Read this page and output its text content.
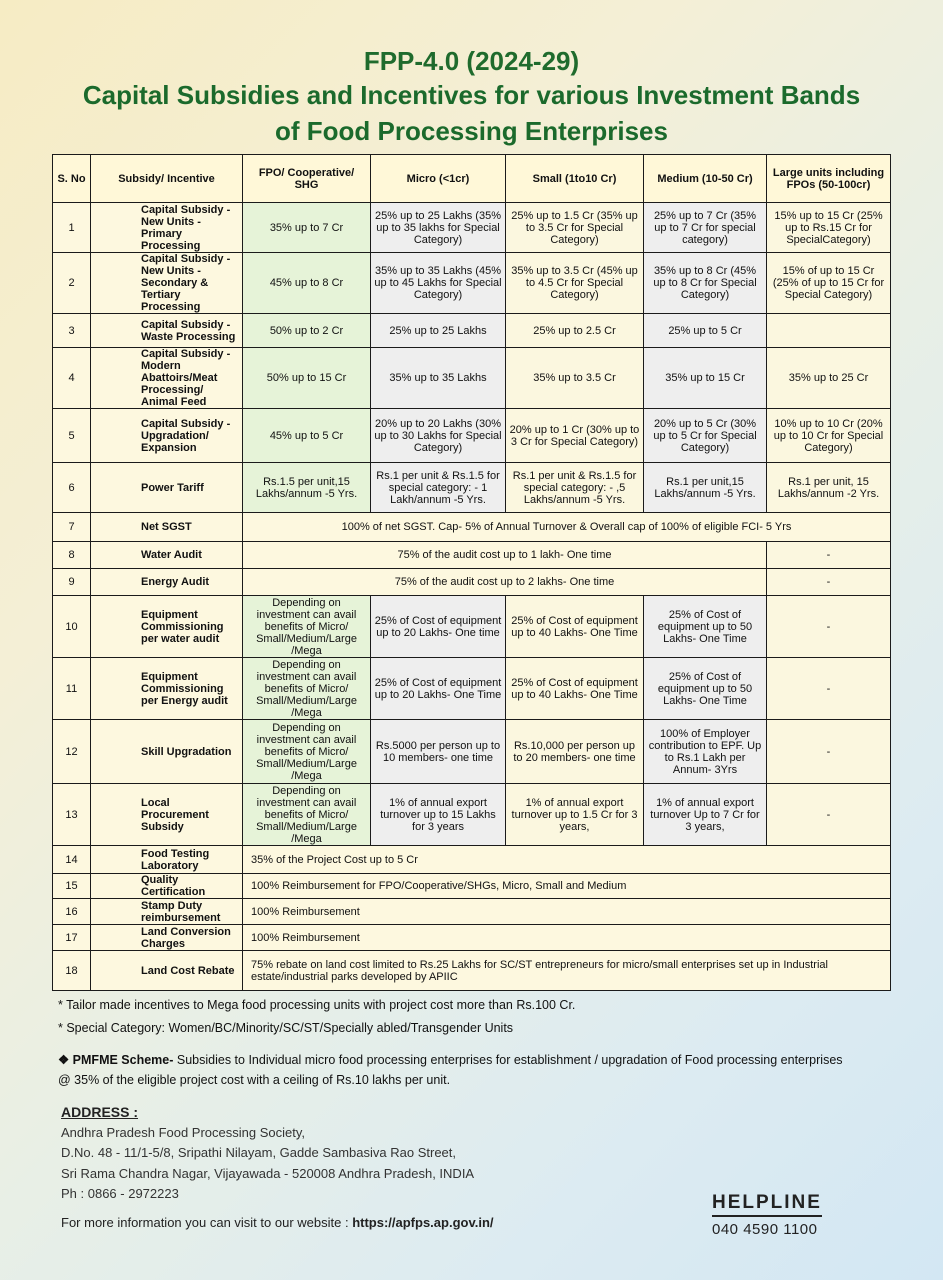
FPP-4.0 (2024-29)
Capital Subsidies and Incentives for various Investment Bands
of Food Processing Enterprises
S. No	Subsidy/ Incentive	FPO/ Cooperative/ SHG	Micro (<1cr)	Small (1to10 Cr)	Medium (10-50 Cr)	Large units including FPOs (50-100cr)
1	Capital Subsidy - New Units - Primary Processing	35% up to 7 Cr	25% up to 25 Lakhs (35% up to 35 lakhs for Special Category)	25% up to 1.5 Cr (35% up to 3.5 Cr for Special Category)	25% up to 7 Cr (35% up to 7 Cr for special category)	15% up to 15 Cr (25% up to Rs.15 Cr for SpecialCategory)
2	Capital Subsidy - New Units - Secondary & Tertiary Processing	45% up to 8 Cr	35% up to 35 Lakhs (45% up to 45 Lakhs for Special Category)	35% up to 3.5 Cr (45% up to 4.5 Cr for Special Category)	35% up to 8 Cr (45% up to 8 Cr for Special Category)	15% of up to 15 Cr (25% of up to 15 Cr for Special Category)
3	Capital Subsidy - Waste Processing	50% up to 2 Cr	25% up to 25 Lakhs	25% up to 2.5 Cr	25% up to 5 Cr	
4	Capital Subsidy - Modern Abattoirs/Meat Processing/ Animal Feed	50% up to 15 Cr	35% up to 35 Lakhs	35% up to 3.5 Cr	35% up to 15 Cr	35% up to 25 Cr
5	Capital Subsidy - Upgradation/ Expansion	45% up to 5 Cr	20% up to 20 Lakhs (30% up to 30 Lakhs for Special Category)	20% up to 1 Cr (30% up to 3 Cr for Special Category)	20% up to 5 Cr (30% up to 5 Cr for Special Category)	10% up to 10 Cr (20% up to 10 Cr for Special Category)
6	Power Tariff	Rs.1.5 per unit,15 Lakhs/annum -5 Yrs.	Rs.1 per unit & Rs.1.5 for special category: - 1 Lakh/annum -5 Yrs.	Rs.1 per unit & Rs.1.5 for special category: - ,5 Lakhs/annum -5 Yrs.	Rs.1 per unit,15 Lakhs/annum -5 Yrs.	Rs.1 per unit, 15 Lakhs/annum -2 Yrs.
7	Net SGST	100% of net SGST. Cap- 5% of Annual Turnover & Overall cap of 100% of eligible FCI- 5 Yrs				
8	Water Audit	75% of the audit cost up to 1 lakh- One time				-
9	Energy Audit	75% of the audit cost up to 2 lakhs- One time				-
10	Equipment Commissioning per water audit	Depending on investment can avail benefits of Micro/ Small/Medium/Large /Mega	25% of Cost of equipment up to 20 Lakhs- One time	25% of Cost of equipment up to 40 Lakhs- One Time	25% of Cost of equipment up to 50 Lakhs- One Time	-
11	Equipment Commissioning per Energy audit	Depending on investment can avail benefits of Micro/ Small/Medium/Large /Mega	25% of Cost of equipment up to 20 Lakhs- One Time	25% of Cost of equipment up to 40 Lakhs- One Time	25% of Cost of equipment up to 50 Lakhs- One Time	-
12	Skill Upgradation	Depending on investment can avail benefits of Micro/ Small/Medium/Large /Mega	Rs.5000 per person up to 10 members- one time	Rs.10,000 per person up to 20 members- one time	100% of Employer contribution to EPF. Up to Rs.1 Lakh per Annum- 3Yrs	-
13	Local Procurement Subsidy	Depending on investment can avail benefits of Micro/ Small/Medium/Large /Mega	1% of annual export turnover up to 15 Lakhs for 3 years	1% of annual export turnover up to 1.5 Cr for 3 years,	1% of annual export turnover Up to 7 Cr for 3 years,	-
14	Food Testing Laboratory	35% of the Project Cost up to 5 Cr				
15	Quality Certification	100% Reimbursement for FPO/Cooperative/SHGs, Micro, Small and Medium				
16	Stamp Duty reimbursement	100% Reimbursement				
17	Land Conversion Charges	100% Reimbursement				
18	Land Cost Rebate	75% rebate on land cost limited to Rs.25 Lakhs for SC/ST entrepreneurs for micro/small enterprises set up in Industrial estate/industrial parks developed by APIIC				
* Tailor made incentives to Mega food processing units with project cost more than Rs.100 Cr.
* Special Category: Women/BC/Minority/SC/ST/Specially abled/Transgender Units
❖ PMFME Scheme- Subsidies to Individual micro food processing enterprises for establishment / upgradation of Food processing enterprises @ 35% of the eligible project cost with a ceiling of Rs.10 lakhs per unit.
ADDRESS :
Andhra Pradesh Food Processing Society,
D.No. 48 - 11/1-5/8, Sripathi Nilayam, Gadde Sambasiva Rao Street,
Sri Rama Chandra Nagar, Vijayawada - 520008 Andhra Pradesh, INDIA
Ph : 0866 - 2972223
For more information you can visit to our website : https://apfps.ap.gov.in/
HELPLINE
040 4590 1100
